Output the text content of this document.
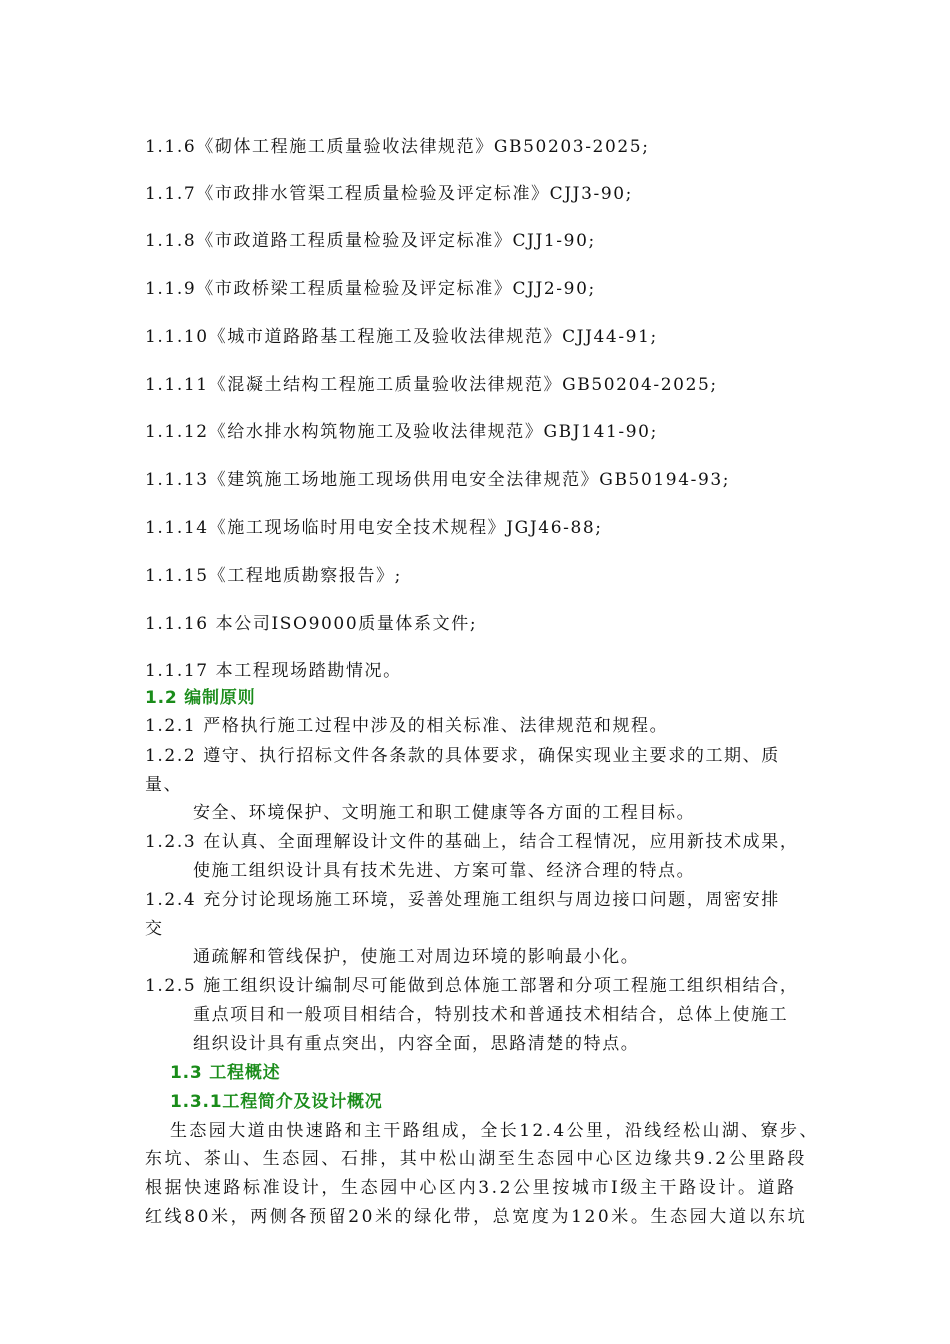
1.1.6《砌体工程施工质量验收法律规范》GB50203-2025;
1.1.7《市政排水管渠工程质量检验及评定标准》CJJ3-90;
1.1.8《市政道路工程质量检验及评定标准》CJJ1-90;
1.1.9《市政桥梁工程质量检验及评定标准》CJJ2-90;
1.1.10《城市道路路基工程施工及验收法律规范》CJJ44-91;
1.1.11《混凝土结构工程施工质量验收法律规范》GB50204-2025;
1.1.12《给水排水构筑物施工及验收法律规范》GBJ141-90;
1.1.13《建筑施工场地施工现场供用电安全法律规范》GB50194-93;
1.1.14《施工现场临时用电安全技术规程》JGJ46-88;
1.1.15《工程地质勘察报告》;
1.1.16 本公司ISO9000质量体系文件;
1.1.17 本工程现场踏勘情况。
1.2 编制原则
1.2.1 严格执行施工过程中涉及的相关标准、法律规范和规程。
1.2.2 遵守、执行招标文件各条款的具体要求，确保实现业主要求的工期、质
量、
安全、环境保护、文明施工和职工健康等各方面的工程目标。
1.2.3 在认真、全面理解设计文件的基础上，结合工程情况，应用新技术成果，
使施工组织设计具有技术先进、方案可靠、经济合理的特点。
1.2.4 充分讨论现场施工环境，妥善处理施工组织与周边接口问题，周密安排
交
通疏解和管线保护，使施工对周边环境的影响最小化。
1.2.5 施工组织设计编制尽可能做到总体施工部署和分项工程施工组织相结合，
重点项目和一般项目相结合，特别技术和普通技术相结合，总体上使施工
组织设计具有重点突出，内容全面，思路清楚的特点。
1.3 工程概述
1.3.1工程简介及设计概况
生态园大道由快速路和主干路组成，全长12.4公里，沿线经松山湖、寮步、
东坑、茶山、生态园、石排，其中松山湖至生态园中心区边缘共9.2公里路段
根据快速路标准设计，生态园中心区内3.2公里按城市Ⅰ级主干路设计。道路
红线80米，两侧各预留20米的绿化带，总宽度为120米。生态园大道以东坑
